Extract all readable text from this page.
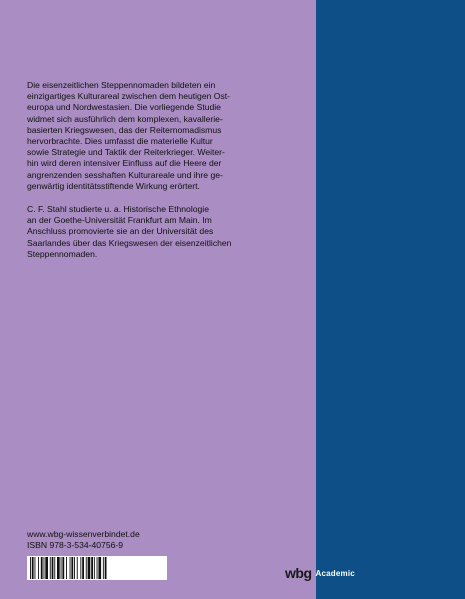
Die eisenzeitlichen Steppennomaden bildeten ein
einzigartiges Kulturareal zwischen dem heutigen Ost-
europa und Nordwestasien. Die vorliegende Studie
widmet sich ausführlich dem komplexen, kavallerie-
basierten Kriegswesen, das der Reiternomadismus
hervorbrachte. Dies umfasst die materielle Kultur
sowie Strategie und Taktik der Reiterkrieger. Weiter-
hin wird deren intensiver Einfluss auf die Heere der
angrenzenden sesshaften Kulturareale und ihre ge-
genwärtig identitätsstiftende Wirkung erörtert.

C. F. Stahl studierte u. a. Historische Ethnologie
an der Goethe-Universität Frankfurt am Main. Im
Anschluss promovierte sie an der Universität des
Saarlandes über das Kriegswesen der eisenzeitlichen
Steppennomaden.

www.wbg-wissenverbindet.de
ISBN 978-3-534-40756-9
wbg Academic
